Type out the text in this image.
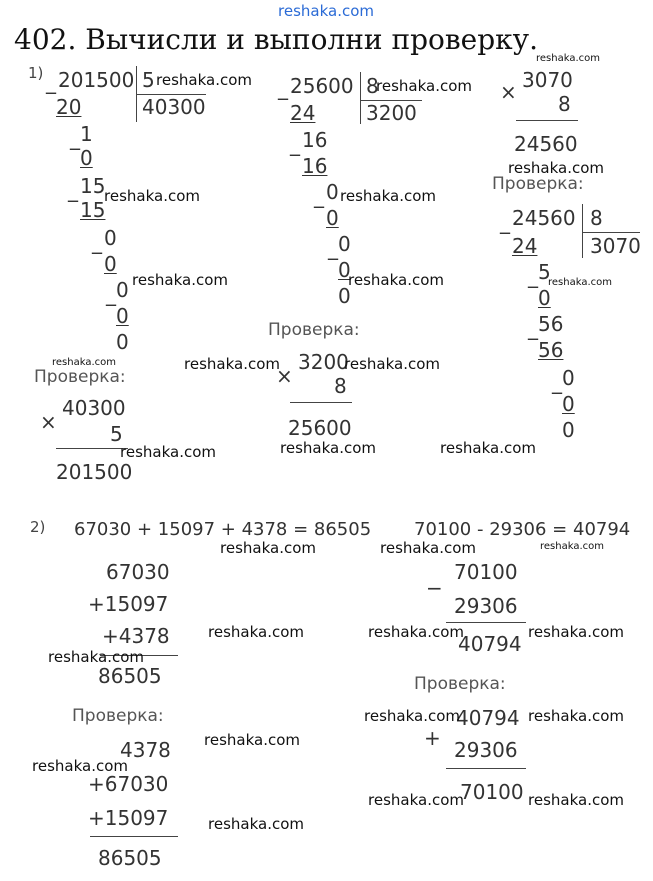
reshaka.com
402. Вычисли и выполни проверку.
1) _ 201500 5
40300
20
_ 1
0
_ 15
15
_ 0
0
_ 0
0
0
Проверка:
40300
×	5
201500
_ 25600 8
3200
24
_ 16
16
_ 0
0
_ 0
0
0
Проверка:
3200
× 8
25600
3070
× 8
24560
Проверка:
_ 24560 8
3070
24
_ 5
0
_ 56
56
_ 0
0
0
2) 67030 + 15097 + 4378 = 86505
67030
+15097
+4378
86505
Проверка:
4378
+67030
+15097
86505
70100 - 29306 = 40794
70100
−
29306
40794
Проверка:
40794
+ 29306
70100
reshaka.com	reshaka.com
reshaka.com
reshaka.com
reshaka.com	reshaka.com
reshaka.com
reshaka.com	reshaka.com
reshaka.com	reshaka.com	reshaka.com
reshaka.com	reshaka.com	reshaka.com
reshaka.com	reshaka.com	reshaka.com
reshaka.com	reshaka.com	reshaka.com
reshaka.com
reshaka.com	reshaka.com
reshaka.com
reshaka.com
reshaka.com	reshaka.com
reshaka.com
